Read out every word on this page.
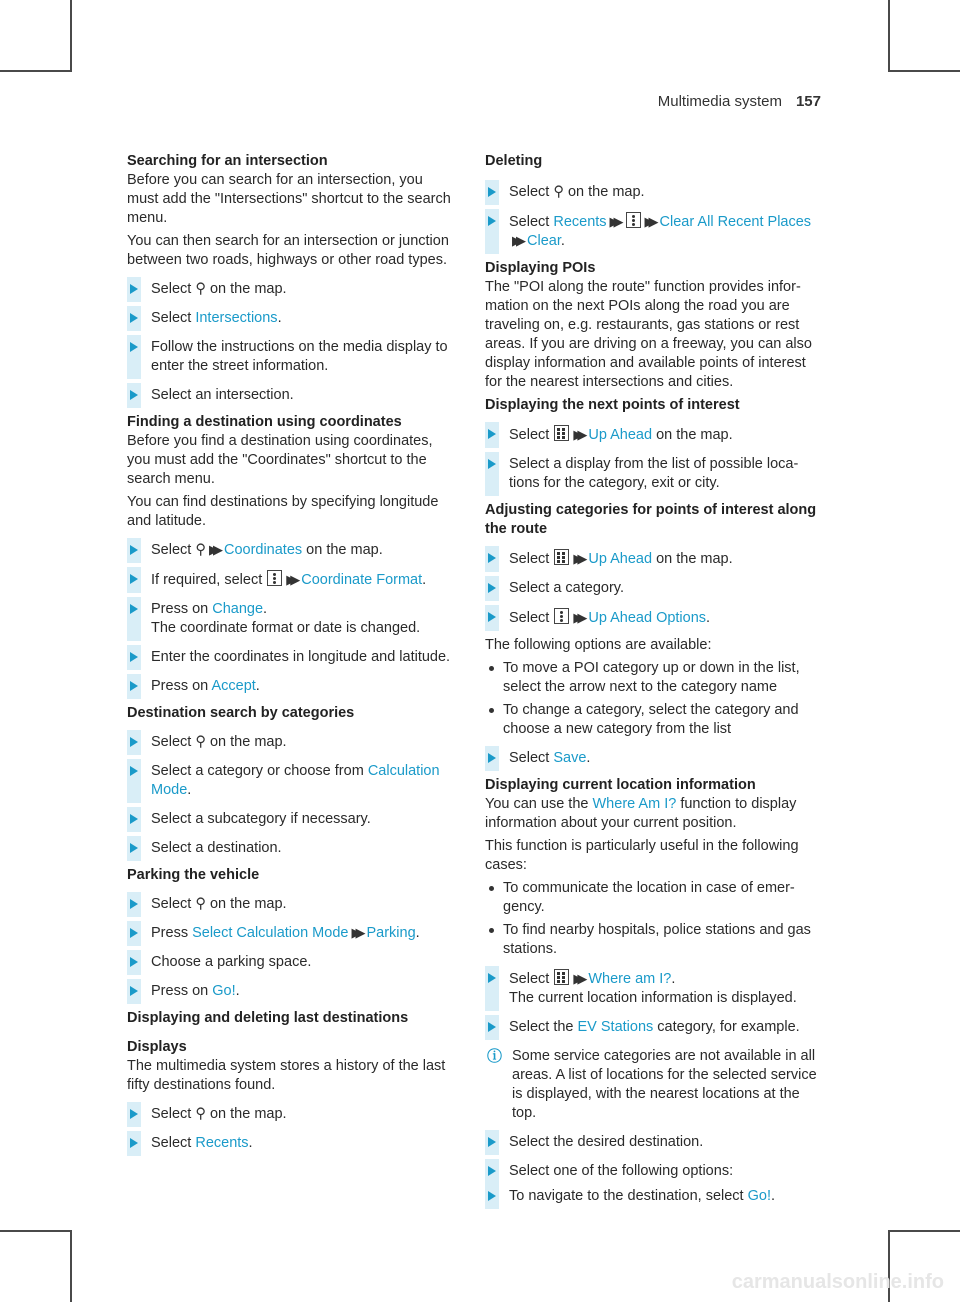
Multimedia system 157

Searching for an intersection

Before you can search for an intersection, you must add the "Intersections" shortcut to the search menu.

You can then search for an intersection or junction between two roads, highways or other road types.

Select ⚲ on the map.
Select Intersections.
Follow the instructions on the media display to enter the street information.
Select an intersection.

Finding a destination using coordinates

Before you find a destination using coordinates, you must add the "Coordinates" shortcut to the search menu.

You can find destinations by specifying longitude and latitude.

Select ⚲ ▶▶ Coordinates on the map.
If required, select ▶▶ Coordinate Format.
Press on Change.
The coordinate format or date is changed.
Enter the coordinates in longitude and latitude.
Press on Accept.

Destination search by categories

Select ⚲ on the map.
Select a category or choose from Calculation Mode.
Select a subcategory if necessary.
Select a destination.

Parking the vehicle

Select ⚲ on the map.
Press Select Calculation Mode ▶▶ Parking.
Choose a parking space.
Press on Go!.

Displaying and deleting last destinations

Displays

The multimedia system stores a history of the last fifty destinations found.

Select ⚲ on the map.
Select Recents.

Deleting

Select ⚲ on the map.
Select Recents ▶▶ ▶▶ Clear All Recent Places▶▶ Clear.

Displaying POIs

The "POI along the route" function provides information on the next POIs along the road you are traveling on, e.g. restaurants, gas stations or rest areas. If you are driving on a freeway, you can also display information and available points of interest for the nearest intersections and cities.

Displaying the next points of interest

Select ▶▶ Up Ahead on the map.
Select a display from the list of possible locations for the category, exit or city.

Adjusting categories for points of interest along the route

Select ▶▶ Up Ahead on the map.
Select a category.
Select ▶▶ Up Ahead Options.

The following options are available:

To move a POI category up or down in the list, select the arrow next to the category name
To change a category, select the category and choose a new category from the list
Select Save.

Displaying current location information

You can use the Where Am I? function to display information about your current position.

This function is particularly useful in the following cases:

To communicate the location in case of emergency.
To find nearby hospitals, police stations and gas stations.
Select ▶▶ Where am I?.
The current location information is displayed.
Select the EV Stations category, for example.
ⓘ Some service categories are not available in all areas. A list of locations for the selected service is displayed, with the nearest locations at the top.
Select the desired destination.
Select one of the following options:
To navigate to the destination, select Go!.
carmanualsonline.info
